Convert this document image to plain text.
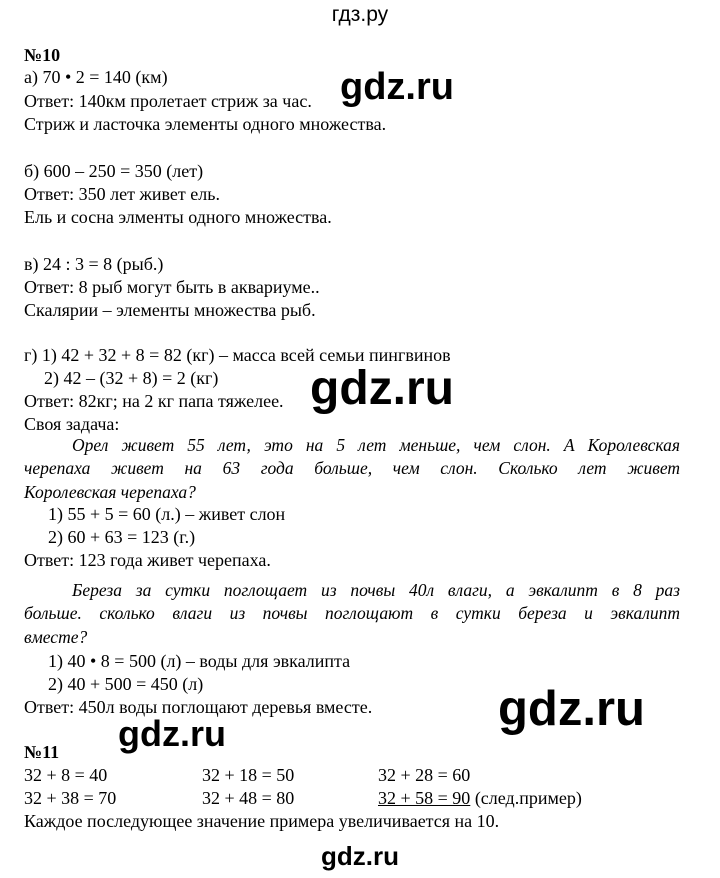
гдз.ру
№10
а) 70 • 2 = 140 (км)
Ответ: 140км пролетает стриж за час.
Стриж и ласточка элементы одного множества.
б) 600 – 250 = 350 (лет)
Ответ: 350 лет живет ель.
Ель и сосна элменты одного множества.
в) 24 : 3 = 8 (рыб.)
Ответ: 8 рыб могут быть в аквариуме..
Скалярии – элементы множества рыб.
г) 1) 42 + 32 + 8 = 82 (кг) – масса всей семьи пингвинов
2) 42 – (32 + 8) = 2 (кг)
Ответ: 82кг; на 2 кг папа тяжелее.
Своя задача:
Орел живет 55 лет, это на 5 лет меньше, чем слон. А Королевская
черепаха живет на 63 года больше, чем слон. Сколько лет живет
Королевская черепаха?
1) 55 + 5 = 60 (л.) – живет слон
2) 60 + 63 = 123 (г.)
Ответ: 123 года живет черепаха.
Береза за сутки поглощает из почвы 40л влаги, а эвкалипт в 8 раз
больше. сколько влаги из почвы поглощают в сутки береза и эвкалипт
вместе?
1) 40 • 8 = 500 (л) – воды для эвкалипта
2) 40 + 500 = 450 (л)
Ответ: 450л воды поглощают деревья вместе.
№11
32 + 8 = 40	32 + 18 = 50	32 + 28 = 60
32 + 38 = 70	32 + 48 = 80	32 + 58 = 90 (след.пример)
Каждое последующее значение примера увеличивается на 10.
gdz.ru
gdz.ru
gdz.ru
gdz.ru
gdz.ru
